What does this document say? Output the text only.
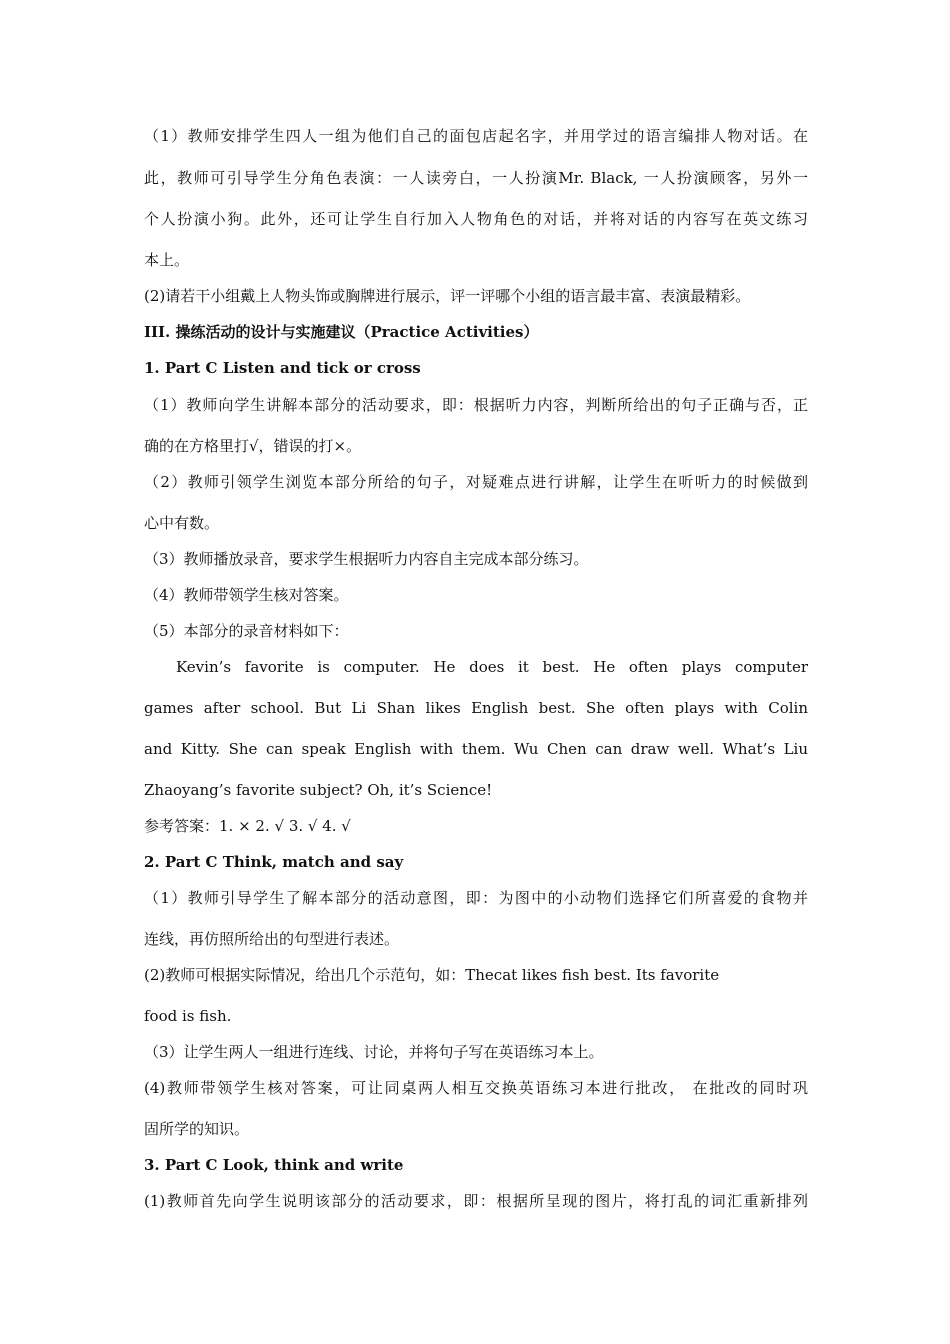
（1）教师安排学生四人一组为他们自己的面包店起名字，并用学过的语言编排人物对话。在
此，教师可引导学生分角色表演：一人读旁白，一人扮演Mr. Black, 一人扮演顾客，另外一
个人扮演小狗。此外，还可让学生自行加入人物角色的对话，并将对话的内容写在英文练习
本上。
(2)请若干小组戴上人物头饰或胸牌进行展示，评一评哪个小组的语言最丰富、表演最精彩。
III. 操练活动的设计与实施建议（Practice Activities）
1. Part C Listen and tick or cross
（1）教师向学生讲解本部分的活动要求，即：根据听力内容，判断所给出的句子正确与否，正
确的在方格里打√，错误的打×。
（2）教师引领学生浏览本部分所给的句子，对疑难点进行讲解，让学生在听听力的时候做到
心中有数。
（3）教师播放录音，要求学生根据听力内容自主完成本部分练习。
（4）教师带领学生核对答案。
（5）本部分的录音材料如下：
Kevin’s favorite is computer. He does it best. He often plays computer
games after school. But Li Shan likes English best. She often plays with Colin
and Kitty. She can speak English with them. Wu Chen can draw well. What’s Liu
Zhaoyang’s favorite subject? Oh, it’s Science!
参考答案：1. × 2. √ 3. √ 4. √
2. Part C Think, match and say
（1）教师引导学生了解本部分的活动意图，即：为图中的小动物们选择它们所喜爱的食物并
连线，再仿照所给出的句型进行表述。
(2)教师可根据实际情况，给出几个示范句，如：Thecat likes fish best. Its favorite
food is fish.
（3）让学生两人一组进行连线、讨论，并将句子写在英语练习本上。
(4)教师带领学生核对答案，可让同桌两人相互交换英语练习本进行批改， 在批改的同时巩
固所学的知识。
3. Part C Look, think and write
(1)教师首先向学生说明该部分的活动要求，即：根据所呈现的图片，将打乱的词汇重新排列
